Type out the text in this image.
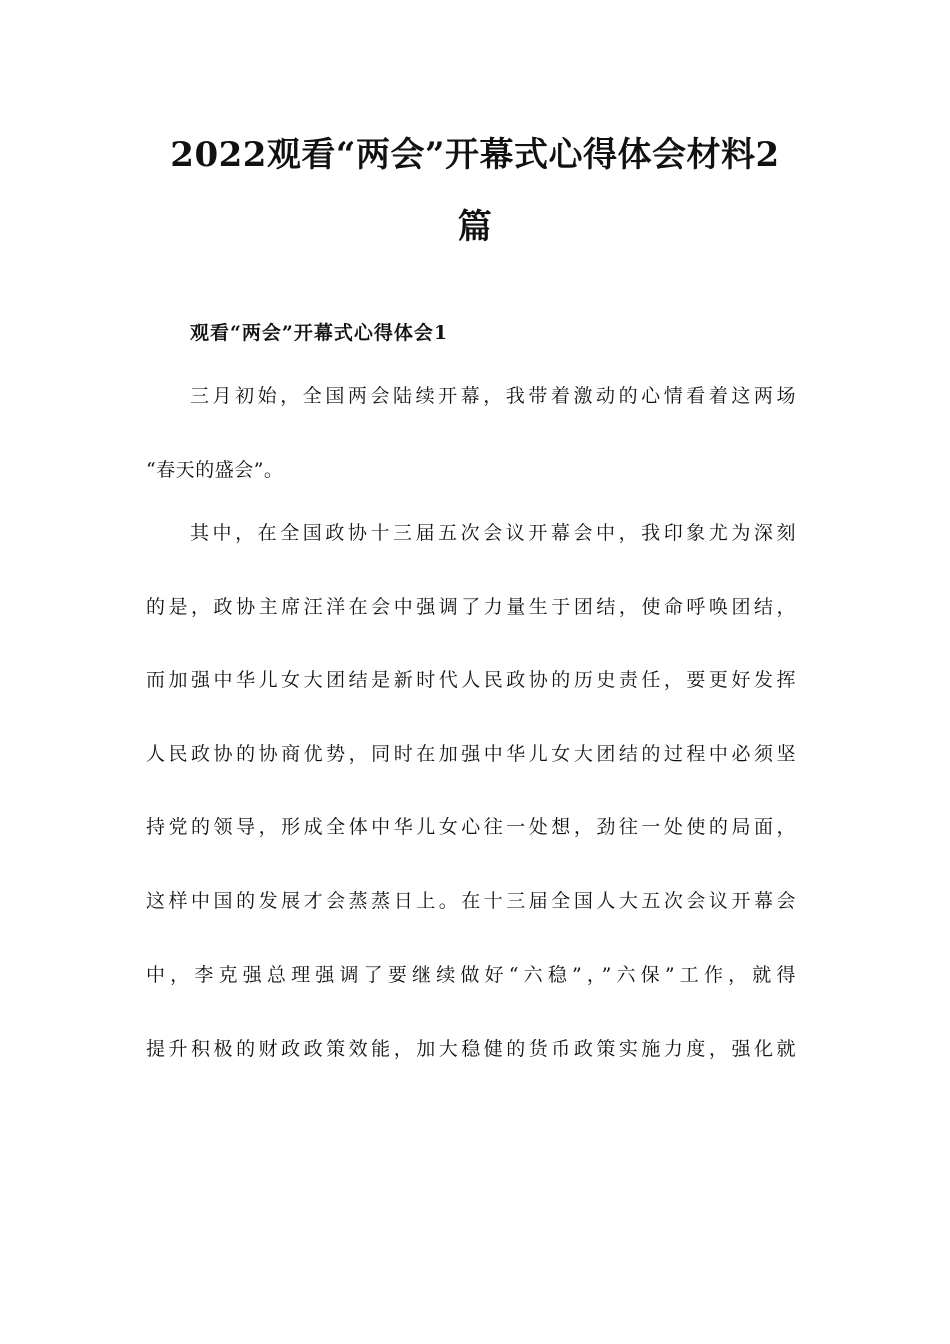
2022观看“两会”开幕式心得体会材料2
篇
观看“两会”开幕式心得体会1

三月初始，全国两会陆续开幕，我带着激动的心情看着这两场

“春天的盛会”。

其中，在全国政协十三届五次会议开幕会中，我印象尤为深刻

的是，政协主席汪洋在会中强调了力量生于团结，使命呼唤团结，

而加强中华儿女大团结是新时代人民政协的历史责任，要更好发挥

人民政协的协商优势，同时在加强中华儿女大团结的过程中必须坚

持党的领导，形成全体中华儿女心往一处想，劲往一处使的局面，

这样中国的发展才会蒸蒸日上。在十三届全国人大五次会议开幕会

中，李克强总理强调了要继续做好“六稳”，”六保”工作，就得

提升积极的财政政策效能，加大稳健的货币政策实施力度，强化就
